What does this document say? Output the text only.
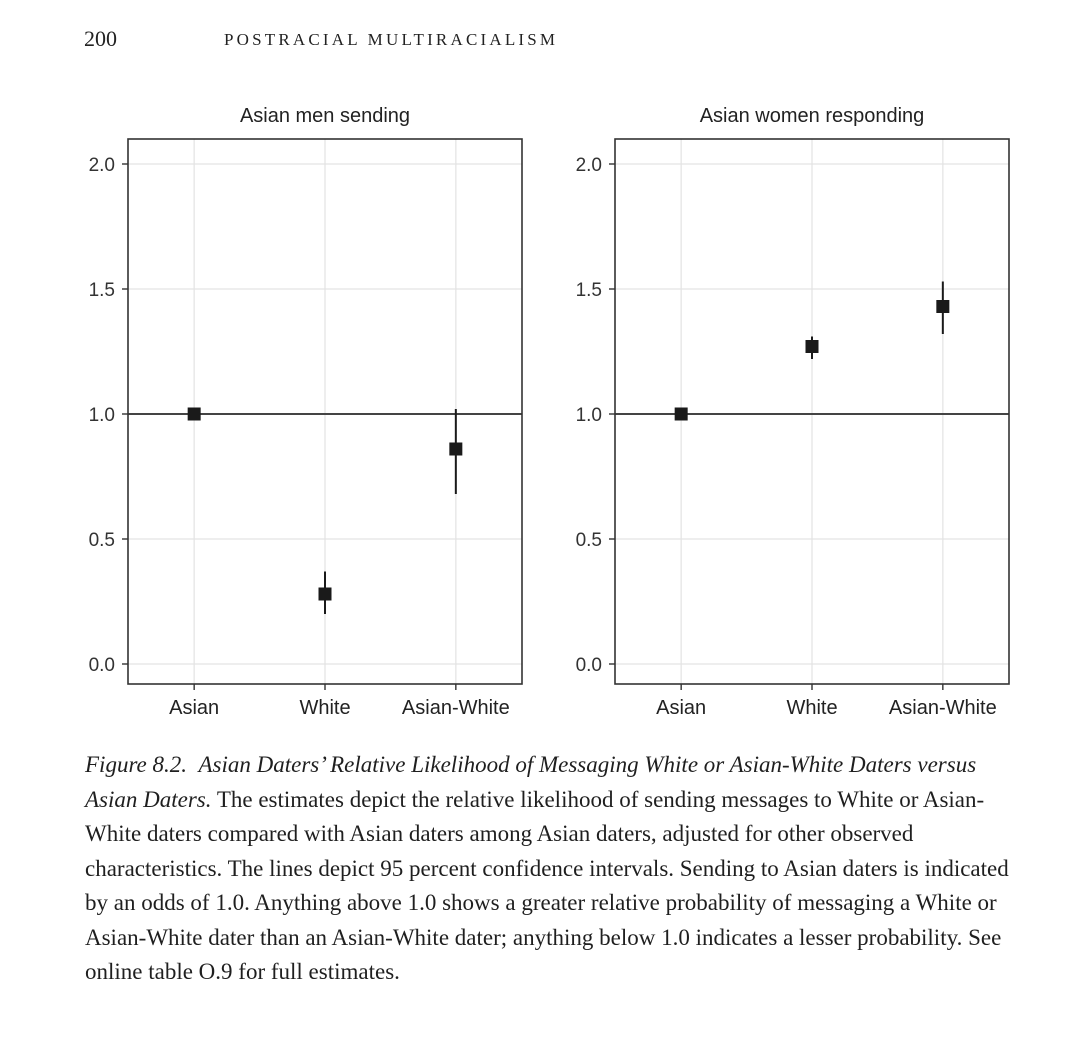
200	POSTRACIAL MULTIRACIALISM
Asian men sending
0.0
0.5
1.0
1.5
2.0
Asian	White	Asian-White
Asian women responding
0.0
0.5
1.0
1.5
2.0
Asian	White	Asian-White

Figure 8.2. Asian Daters’ Relative Likelihood of Messaging White or Asian-White Daters versus Asian Daters. The estimates depict the relative likelihood of sending messages to White or Asian-White daters compared with Asian daters among Asian daters, adjusted for other observed characteristics. The lines depict 95 percent confidence intervals. Sending to Asian daters is indicated by an odds of 1.0. Anything above 1.0 shows a greater relative probability of messaging a White or Asian-White dater than an Asian-White dater; anything below 1.0 indicates a lesser probability. See online table O.9 for full estimates.
